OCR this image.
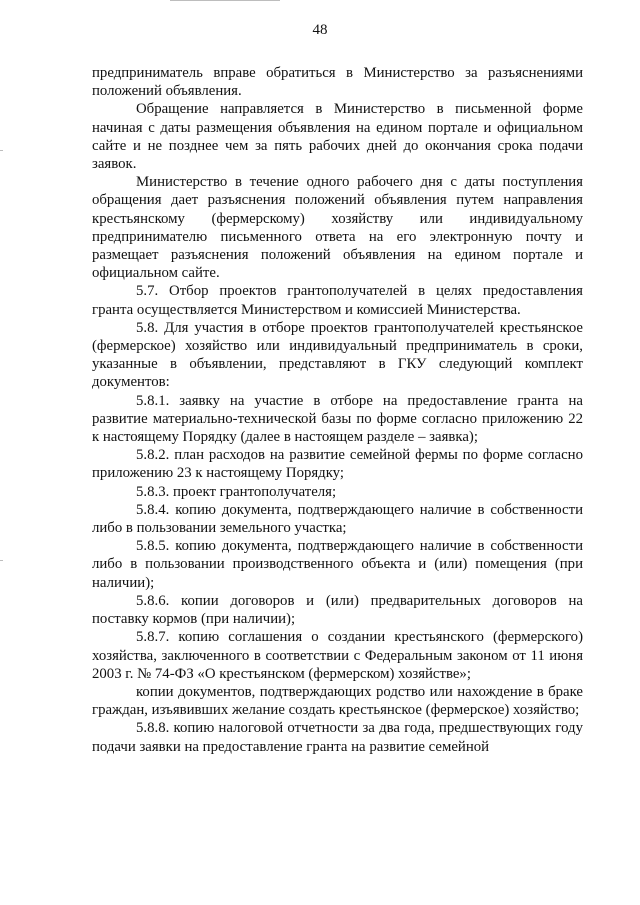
48

предприниматель вправе обратиться в Министерство за разъяснениями положений объявления.

Обращение направляется в Министерство в письменной форме начиная с даты размещения объявления на едином портале и официальном сайте и не позднее чем за пять рабочих дней до окончания срока подачи заявок.

Министерство в течение одного рабочего дня с даты поступления обращения дает разъяснения положений объявления путем направления крестьянскому (фермерскому) хозяйству или индивидуальному предпринимателю письменного ответа на его электронную почту и размещает разъяснения положений объявления на едином портале и официальном сайте.

5.7. Отбор проектов грантополучателей в целях предоставления гранта осуществляется Министерством и комиссией Министерства.

5.8. Для участия в отборе проектов грантополучателей крестьянское (фермерское) хозяйство или индивидуальный предприниматель в сроки, указанные в объявлении, представляют в ГКУ следующий комплект документов:

5.8.1. заявку на участие в отборе на предоставление гранта на развитие материально-технической базы по форме согласно приложению 22 к настоящему Порядку (далее в настоящем разделе – заявка);

5.8.2. план расходов на развитие семейной фермы по форме согласно приложению 23 к настоящему Порядку;

5.8.3. проект грантополучателя;

5.8.4. копию документа, подтверждающего наличие в собственности либо в пользовании земельного участка;

5.8.5. копию документа, подтверждающего наличие в собственности либо в пользовании производственного объекта и (или) помещения (при наличии);

5.8.6. копии договоров и (или) предварительных договоров на поставку кормов (при наличии);

5.8.7. копию соглашения о создании крестьянского (фермерского) хозяйства, заключенного в соответствии с Федеральным законом от 11 июня 2003 г. № 74-ФЗ «О крестьянском (фермерском) хозяйстве»;

копии документов, подтверждающих родство или нахождение в браке граждан, изъявивших желание создать крестьянское (фермерское) хозяйство;

5.8.8. копию налоговой отчетности за два года, предшествующих году подачи заявки на предоставление гранта на развитие семейной
